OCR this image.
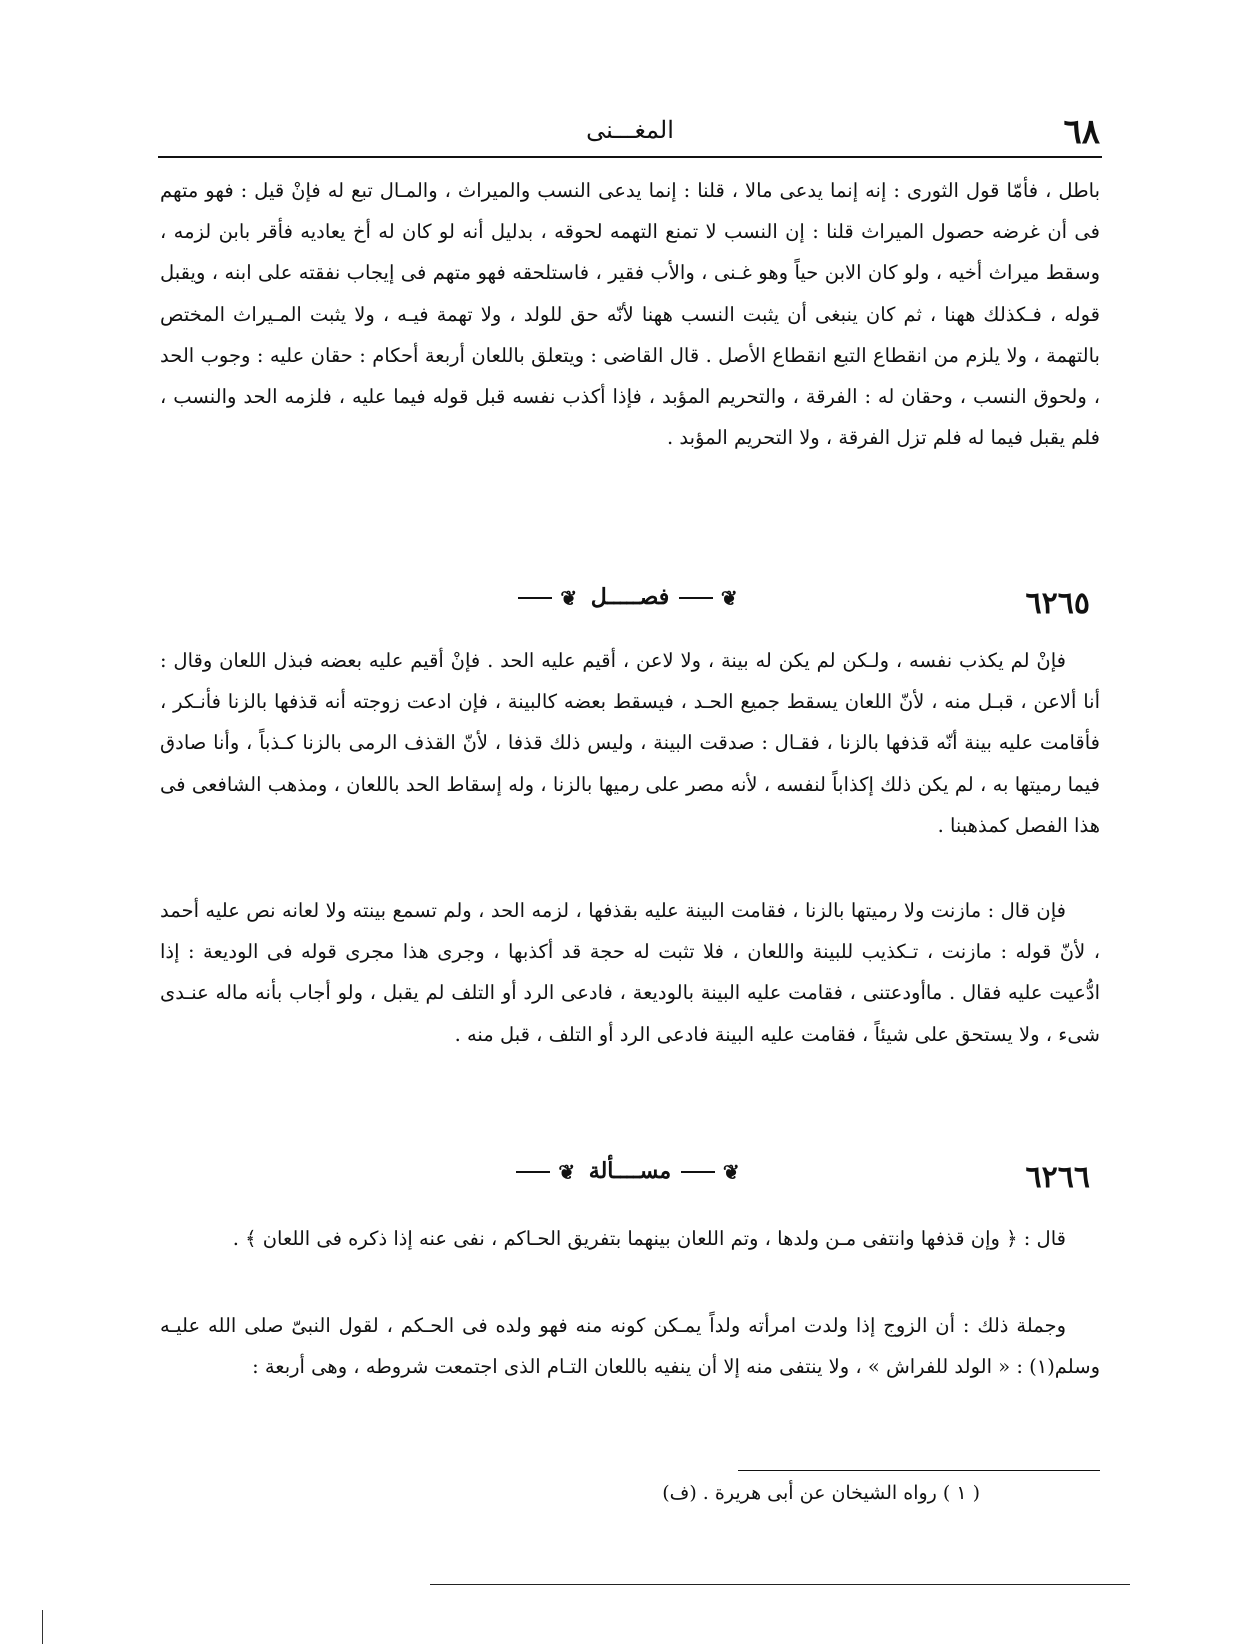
٦٨
المغـــنى
باطل ، فأمّا قول الثورى : إنه إنما يدعى مالا ، قلنا : إنما يدعى النسب والميراث ، والمـال تبع له فإنْ قيل : فهو متهم فى أن غرضه حصول الميراث قلنا : إن النسب لا تمنع التهمه لحوقه ، بدليل أنه لو كان له أخ يعاديه فأقر بابن لزمه ، وسقط ميراث أخيه ، ولو كان الابن حياً وهو غـنى ، والأب فقير ، فاستلحقه فهو متهم فى إيجاب نفقته على ابنه ، ويقبل قوله ، فـكذلك ههنا ، ثم كان ينبغى أن يثبت النسب ههنا لأنّه حق للولد ، ولا تهمة فيـه ، ولا يثبت المـيراث المختص بالتهمة ، ولا يلزم من انقطاع التبع انقطاع الأصل . قال القاضى : ويتعلق باللعان أربعة أحكام : حقان عليه : وجوب الحد ، ولحوق النسب ، وحقان له : الفرقة ، والتحريم المؤبد ، فإذا أكذب نفسه قبل قوله فيما عليه ، فلزمه الحد والنسب ، فلم يقبل فيما له فلم تزل الفرقة ، ولا التحريم المؤبد .
٦٢٦٥
❦ فصـــــل ❦
فإنْ لم يكذب نفسه ، ولـكن لم يكن له بينة ، ولا لاعن ، أقيم عليه الحد . فإنْ أقيم عليه بعضه فبذل اللعان وقال : أنا ألاعن ، قبـل منه ، لأنّ اللعان يسقط جميع الحـد ، فيسقط بعضه كالبينة ، فإن ادعت زوجته أنه قذفها بالزنا فأنـكر ، فأقامت عليه بينة أنّه قذفها بالزنا ، فقـال : صدقت البينة ، وليس ذلك قذفا ، لأنّ القذف الرمى بالزنا كـذباً ، وأنا صادق فيما رميتها به ، لم يكن ذلك إكذاباً لنفسه ، لأنه مصر على رميها بالزنا ، وله إسقاط الحد باللعان ، ومذهب الشافعى فى هذا الفصل كمذهبنا .
فإن قال : مازنت ولا رميتها بالزنا ، فقامت البينة عليه بقذفها ، لزمه الحد ، ولم تسمع بينته ولا لعانه نص عليه أحمد ، لأنّ قوله : مازنت ، تـكذيب للبينة واللعان ، فلا تثبت له حجة قد أكذبها ، وجرى هذا مجرى قوله فى الوديعة : إذا ادُّعيت عليه فقال . ماأودعتنى ، فقامت عليه البينة بالوديعة ، فادعى الرد أو التلف لم يقبل ، ولو أجاب بأنه ماله عنـدى شىء ، ولا يستحق على شيئاً ، فقامت عليه البينة فادعى الرد أو التلف ، قبل منه .
٦٢٦٦
❦ مســــألة ❦
قال : ﴿ وإن قذفها وانتفى مـن ولدها ، وتم اللعان بينهما بتفريق الحـاكم ، نفى عنه إذا ذكره فى اللعان ﴾ .
وجملة ذلك : أن الزوج إذا ولدت امرأته ولداً يمـكن كونه منه فهو ولده فى الحـكم ، لقول النبىّ صلى الله عليـه وسلم(١) : « الولد للفراش » ، ولا ينتفى منه إلا أن ينفيه باللعان التـام الذى اجتمعت شروطه ، وهى أربعة :
( ١ ) رواه الشيخان عن أبى هريرة . (ف)
